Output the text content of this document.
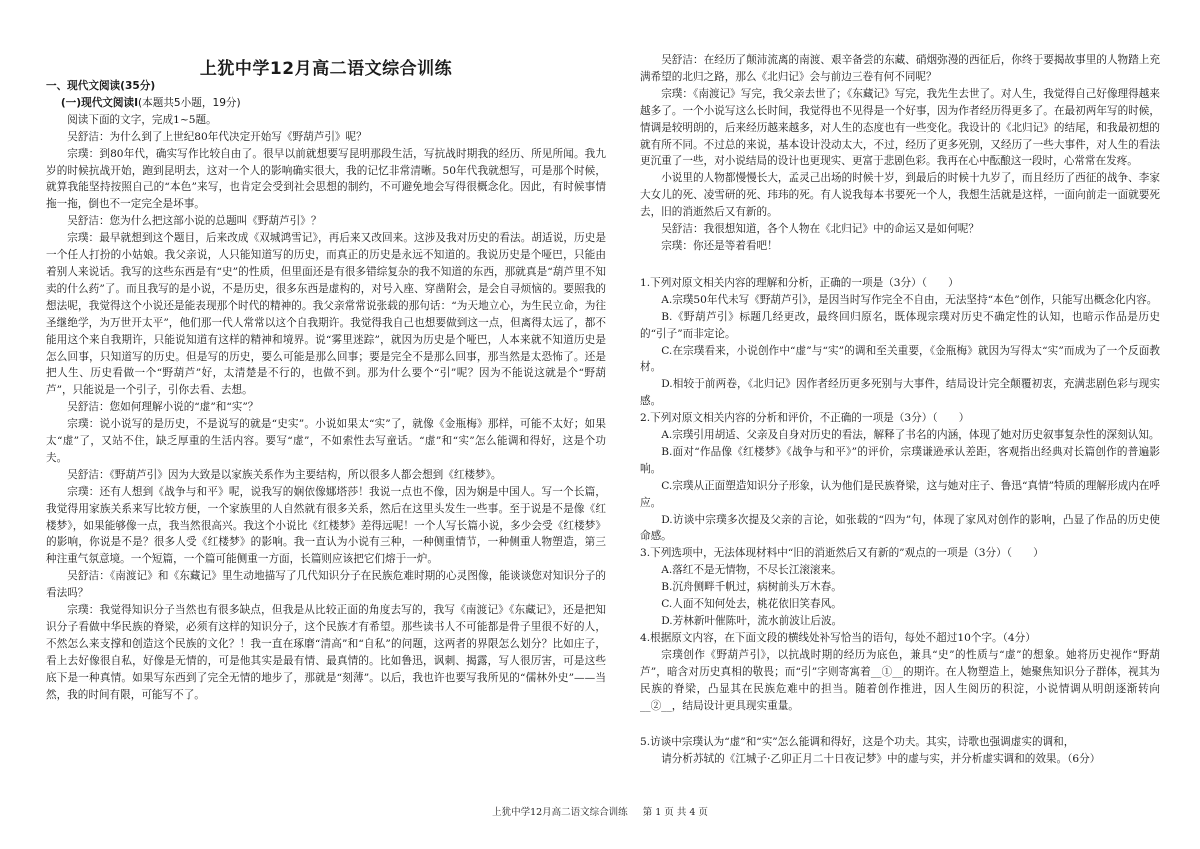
上犹中学12月高二语文综合训练

一、现代文阅读(35分)

(一)现代文阅读Ⅰ(本题共5小题，19分)

阅读下面的文字，完成1~5题。

吴舒洁：为什么到了上世纪80年代决定开始写《野葫芦引》呢？

宗璞：到80年代，确实写作比较自由了。很早以前就想要写昆明那段生活，写抗战时期我的经历、所见所闻。我九岁的时候抗战开始，跑到昆明去，这对一个人的影响确实很大，我的记忆非常清晰。50年代我就想写，可是那个时候，就算我能坚持按照自己的“本色”来写，也肯定会受到社会思想的制约，不可避免地会写得很概念化。因此，有时候事情拖一拖，倒也不一定完全是坏事。

吴舒洁：您为什么把这部小说的总题叫《野葫芦引》？

宗璞：最早就想到这个题目，后来改成《双城鸿雪记》，再后来又改回来。这涉及我对历史的看法。胡适说，历史是一个任人打扮的小姑娘。我父亲说，人只能知道写的历史，而真正的历史是永远不知道的。我说历史是个哑巴，只能由着别人来说话。我写的这些东西是有“史”的性质，但里面还是有很多错综复杂的我不知道的东西，那就真是“葫芦里不知卖的什么药”了。而且我写的是小说，不是历史，很多东西是虚构的，对号入座、穿凿附会，是会自寻烦恼的。要照我的想法呢，我觉得这个小说还是能表现那个时代的精神的。我父亲常常说张载的那句话：“为天地立心，为生民立命，为往圣继绝学，为万世开太平”，他们那一代人常常以这个自我期许。我觉得我自己也想要做到这一点，但离得太远了，都不能用这个来自我期许，只能说知道有这样的精神和境界。说“雾里迷踪”，就因为历史是个哑巴，人本来就不知道历史是怎么回事，只知道写的历史。但是写的历史，要么可能是那么回事；要是完全不是那么回事，那当然是太恐怖了。还是把人生、历史看做一个“野葫芦”好，太清楚是不行的，也做不到。那为什么要个“引”呢？因为不能说这就是个“野葫芦”，只能说是一个引子，引你去看、去想。

吴舒洁：您如何理解小说的“虚”和“实”？

宗璞：说小说写的是历史，不是说写的就是“史实”。小说如果太“实”了，就像《金瓶梅》那样，可能不太好；如果太“虚”了，又站不住，缺乏厚重的生活内容。要写“虚”，不如索性去写童话。“虚”和“实”怎么能调和得好，这是个功夫。

吴舒洁：《野葫芦引》因为大致是以家族关系作为主要结构，所以很多人都会想到《红楼梦》。

宗璞：还有人想到《战争与和平》呢，说我写的娴依像娜塔莎！我说一点也不像，因为娴是中国人。写一个长篇，我觉得用家族关系来写比较方便，一个家族里的人自然就有很多关系，然后在这里头发生一些事。至于说是不是像《红楼梦》，如果能够像一点，我当然很高兴。我这个小说比《红楼梦》差得远呢！一个人写长篇小说，多少会受《红楼梦》的影响，你说是不是？很多人受《红楼梦》的影响。我一直认为小说有三种，一种侧重情节，一种侧重人物塑造，第三种注重气氛意境。一个短篇，一个篇可能侧重一方面，长篇则应该把它们熔于一炉。

吴舒洁：《南渡记》和《东藏记》里生动地描写了几代知识分子在民族危难时期的心灵图像，能谈谈您对知识分子的看法吗？

宗璞：我觉得知识分子当然也有很多缺点，但我是从比较正面的角度去写的，我写《南渡记》《东藏记》，还是把知识分子看做中华民族的脊梁，必须有这样的知识分子，这个民族才有希望。那些读书人不可能都是骨子里很不好的人，不然怎么来支撑和创造这个民族的文化？！我一直在琢磨“清高”和“自私”的问题，这两者的界限怎么划分？比如庄子，看上去好像很自私，好像是无情的，可是他其实是最有情、最真情的。比如鲁迅，讽刺、揭露，写人很厉害，可是这些底下是一种真情。如果写东西到了完全无情的地步了，那就是“刻薄”。以后，我也许也要写我所见的“儒林外史”——当然，我的时间有限，可能写不了。

吴舒洁：在经历了颠沛流离的南渡、艰辛备尝的东藏、硝烟弥漫的西征后，你终于要揭故事里的人物踏上充满希望的北归之路，那么《北归记》会与前边三卷有何不同呢？

宗璞：《南渡记》写完，我父亲去世了；《东藏记》写完，我先生去世了。对人生，我觉得自己好像理得越来越多了。一个小说写这么长时间，我觉得也不见得是一个好事，因为作者经历得更多了。在最初两年写的时候，情调是较明朗的，后来经历越来越多，对人生的态度也有一些变化。我设计的《北归记》的结尾，和我最初想的就有所不同。不过总的来说，基本设计没动太大，不过，经历了更多死别，又经历了一些大事件，对人生的看法更沉重了一些，对小说结局的设计也更现实、更富于悲剧色彩。我再在心中酝酿这一段时，心常常在发疼。

小说里的人物都慢慢长大，孟灵己出场的时候十岁，到最后的时候十九岁了，而且经历了西征的战争、李家大女儿的死、凌雪研的死、玮玮的死。有人说我每本书要死一个人，我想生活就是这样，一面向前走一面就要死去，旧的消逝然后又有新的。

吴舒洁：我很想知道，各个人物在《北归记》中的命运又是如何呢？

宗璞：你还是等着看吧！

1.下列对原文相关内容的理解和分析，正确的一项是（3分）（　　）

A.宗璞50年代未写《野葫芦引》，是因当时写作完全不自由，无法坚持“本色”创作，只能写出概念化内容。

B.《野葫芦引》标题几经更改，最终回归原名，既体现宗璞对历史不确定性的认知，也暗示作品是历史的“引子”而非定论。

C.在宗璞看来，小说创作中“虚”与“实”的调和至关重要，《金瓶梅》就因为写得太“实”而成为了一个反面教材。

D.相较于前两卷，《北归记》因作者经历更多死别与大事件，结局设计完全颠覆初衷，充满悲剧色彩与现实感。

2.下列对原文相关内容的分析和评价，不正确的一项是（3分）（　　）

A.宗璞引用胡适、父亲及自身对历史的看法，解释了书名的内涵，体现了她对历史叙事复杂性的深刻认知。

B.面对“作品像《红楼梦》《战争与和平》”的评价，宗璞谦逊承认差距，客观指出经典对长篇创作的普遍影响。

C.宗璞从正面塑造知识分子形象，认为他们是民族脊梁，这与她对庄子、鲁迅“真情”特质的理解形成内在呼应。

D.访谈中宗璞多次提及父亲的言论，如张载的“四为”句，体现了家风对创作的影响，凸显了作品的历史使命感。

3.下列选项中，无法体现材料中“旧的消逝然后又有新的”观点的一项是（3分）（　　）

A.落红不是无情物，不尽长江滚滚来。

B.沉舟侧畔千帆过，病树前头万木春。

C.人面不知何处去，桃花依旧笑春风。

D.芳林新叶催陈叶，流水前波让后波。

4.根据原文内容，在下面文段的横线处补写恰当的语句，每处不超过10个字。（4分）

宗璞创作《野葫芦引》，以抗战时期的经历为底色，兼具“史”的性质与“虚”的想象。她将历史视作“野葫芦”，暗含对历史真相的敬畏；而“引”字则寄寓着__①__的期许。在人物塑造上，她聚焦知识分子群体，视其为民族的脊梁，凸显其在民族危难中的担当。随着创作推进，因人生阅历的积淀，小说情调从明朗逐渐转向__②__，结局设计更具现实重量。

5.访谈中宗璞认为“虚”和“实”怎么能调和得好，这是个功夫。其实，诗歌也强调虚实的调和，

请分析苏轼的《江城子·乙卯正月二十日夜记梦》中的虚与实，并分析虚实调和的效果。（6分）

上犹中学12月高二语文综合训练 第 1 页 共 4 页
